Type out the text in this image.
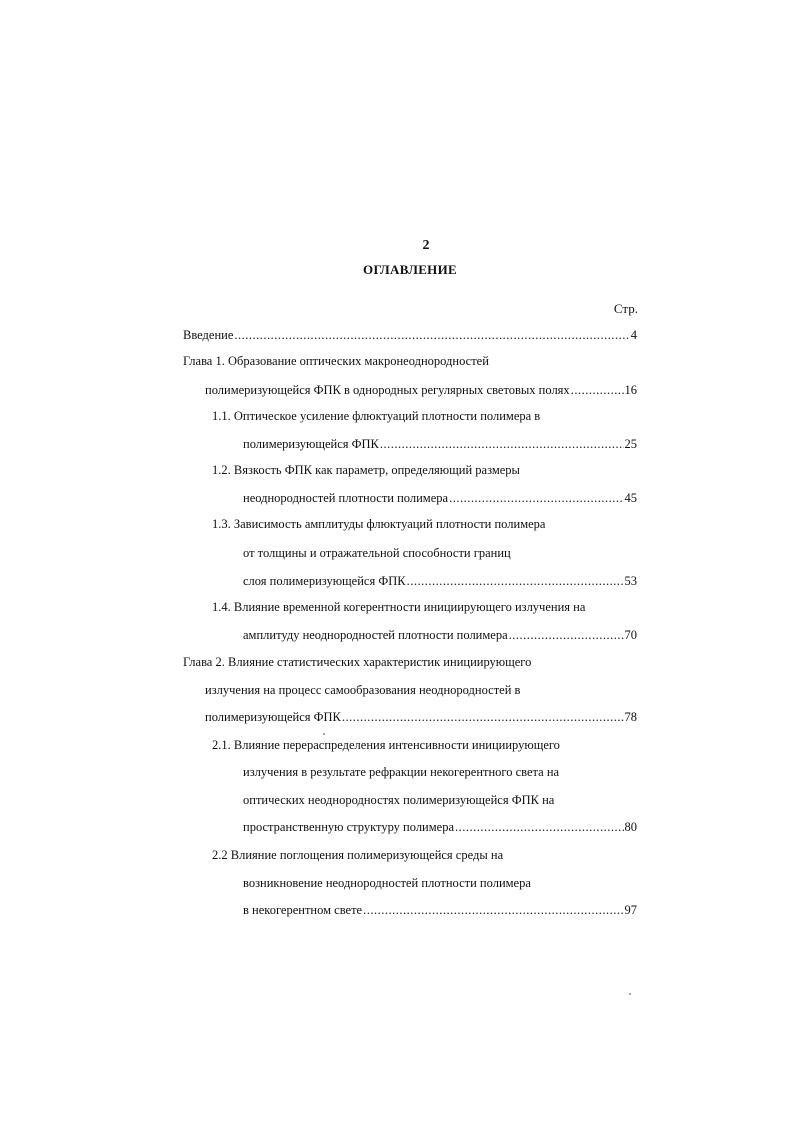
2
ОГЛАВЛЕНИЕ
Стр.
Введение .....	4
Глава 1. Образование оптических макронеоднородностей
полимеризующейся ФПК в однородных регулярных световых полях .....	16
1.1. Оптическое усиление флюктуаций плотности полимера в
полимеризующейся ФПК .....	25
1.2. Вязкость ФПК как параметр, определяющий размеры
неоднородностей плотности полимера .....	45
1.3. Зависимость амплитуды флюктуаций плотности полимера
от толщины и отражательной способности границ
слоя полимеризующейся ФПК .....	53
1.4. Влияние временной когерентности инициирующего излучения на
амплитуду неоднородностей плотности полимера .....	70
Глава 2. Влияние статистических характеристик инициирующего
излучения на процесс самообразования неоднородностей в
полимеризующейся ФПК .....	78
2.1. Влияние перераспределения интенсивности инициирующего
излучения в результате рефракции некогерентного света на
оптических неоднородностях полимеризующейся ФПК на
пространственную структуру полимера .....	80
2.2 Влияние поглощения полимеризующейся среды на
возникновение неоднородностей плотности полимера
в некогерентном свете .....	97
